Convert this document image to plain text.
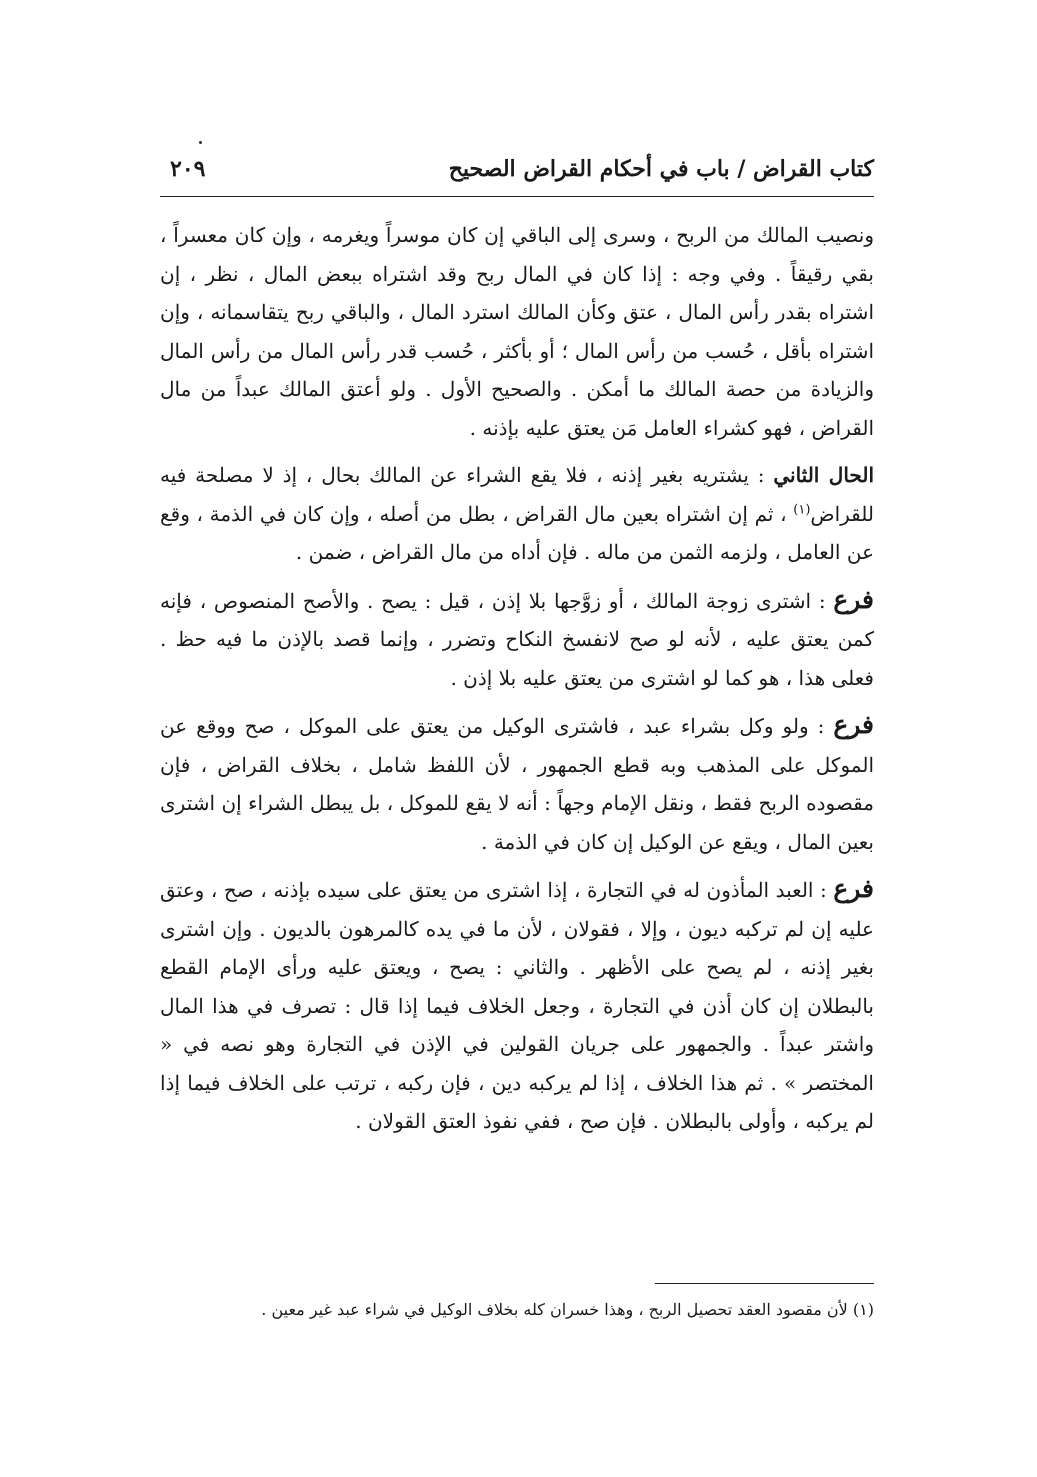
كتاب القراض / باب في أحكام القراض الصحيح
٢٠٩

ونصيب المالك من الربح ، وسرى إلى الباقي إن كان موسراً ويغرمه ، وإن كان معسراً ، بقي رقيقاً . وفي وجه : إذا كان في المال ربح وقد اشتراه ببعض المال ، نظر ، إن اشتراه بقدر رأس المال ، عتق وكأن المالك استرد المال ، والباقي ربح يتقاسمانه ، وإن اشتراه بأقل ، حُسب من رأس المال ؛ أو بأكثر ، حُسب قدر رأس المال من رأس المال والزيادة من حصة المالك ما أمكن . والصحيح الأول . ولو أعتق المالك عبداً من مال القراض ، فهو كشراء العامل مَن يعتق عليه بإذنه .

الحال الثاني : يشتريه بغير إذنه ، فلا يقع الشراء عن المالك بحال ، إذ لا مصلحة فيه للقراض$^{(١)}$ ، ثم إن اشتراه بعين مال القراض ، بطل من أصله ، وإن كان في الذمة ، وقع عن العامل ، ولزمه الثمن من ماله . فإن أداه من مال القراض ، ضمن .

فرع : اشترى زوجة المالك ، أو زوَّجها بلا إذن ، قيل : يصح . والأصح المنصوص ، فإنه كمن يعتق عليه ، لأنه لو صح لانفسخ النكاح وتضرر ، وإنما قصد بالإذن ما فيه حظ . فعلى هذا ، هو كما لو اشترى من يعتق عليه بلا إذن .

فرع : ولو وكل بشراء عبد ، فاشترى الوكيل من يعتق على الموكل ، صح ووقع عن الموكل على المذهب وبه قطع الجمهور ، لأن اللفظ شامل ، بخلاف القراض ، فإن مقصوده الربح فقط ، ونقل الإمام وجهاً : أنه لا يقع للموكل ، بل يبطل الشراء إن اشترى بعين المال ، ويقع عن الوكيل إن كان في الذمة .

فرع : العبد المأذون له في التجارة ، إذا اشترى من يعتق على سيده بإذنه ، صح ، وعتق عليه إن لم تركبه ديون ، وإلا ، فقولان ، لأن ما في يده كالمرهون بالديون . وإن اشترى بغير إذنه ، لم يصح على الأظهر . والثاني : يصح ، ويعتق عليه ورأى الإمام القطع بالبطلان إن كان أذن في التجارة ، وجعل الخلاف فيما إذا قال : تصرف في هذا المال واشتر عبداً . والجمهور على جريان القولين في الإذن في التجارة وهو نصه في « المختصر » . ثم هذا الخلاف ، إذا لم يركبه دين ، فإن ركبه ، ترتب على الخلاف فيما إذا لم يركبه ، وأولى بالبطلان . فإن صح ، ففي نفوذ العتق القولان .

(١) لأن مقصود العقد تحصيل الربح ، وهذا خسران كله بخلاف الوكيل في شراء عبد غير معين .
